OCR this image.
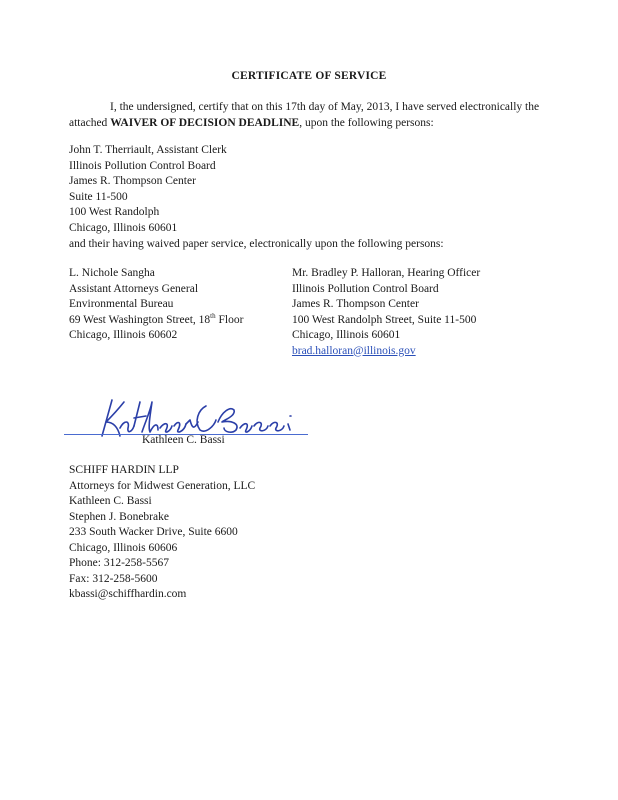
CERTIFICATE OF SERVICE
I, the undersigned, certify that on this 17th day of May, 2013, I have served electronically the attached WAIVER OF DECISION DEADLINE, upon the following persons:
John T. Therriault, Assistant Clerk
Illinois Pollution Control Board
James R. Thompson Center
Suite 11-500
100 West Randolph
Chicago, Illinois 60601
and their having waived paper service, electronically upon the following persons:
L. Nichole Sangha
Assistant Attorneys General
Environmental Bureau
69 West Washington Street, 18th Floor
Chicago, Illinois 60602
Mr. Bradley P. Halloran, Hearing Officer
Illinois Pollution Control Board
James R. Thompson Center
100 West Randolph Street, Suite 11-500
Chicago, Illinois 60601
brad.halloran@illinois.gov
Kathleen C. Bassi
SCHIFF HARDIN LLP
Attorneys for Midwest Generation, LLC
Kathleen C. Bassi
Stephen J. Bonebrake
233 South Wacker Drive, Suite 6600
Chicago, Illinois 60606
Phone: 312-258-5567
Fax: 312-258-5600
kbassi@schiffhardin.com
